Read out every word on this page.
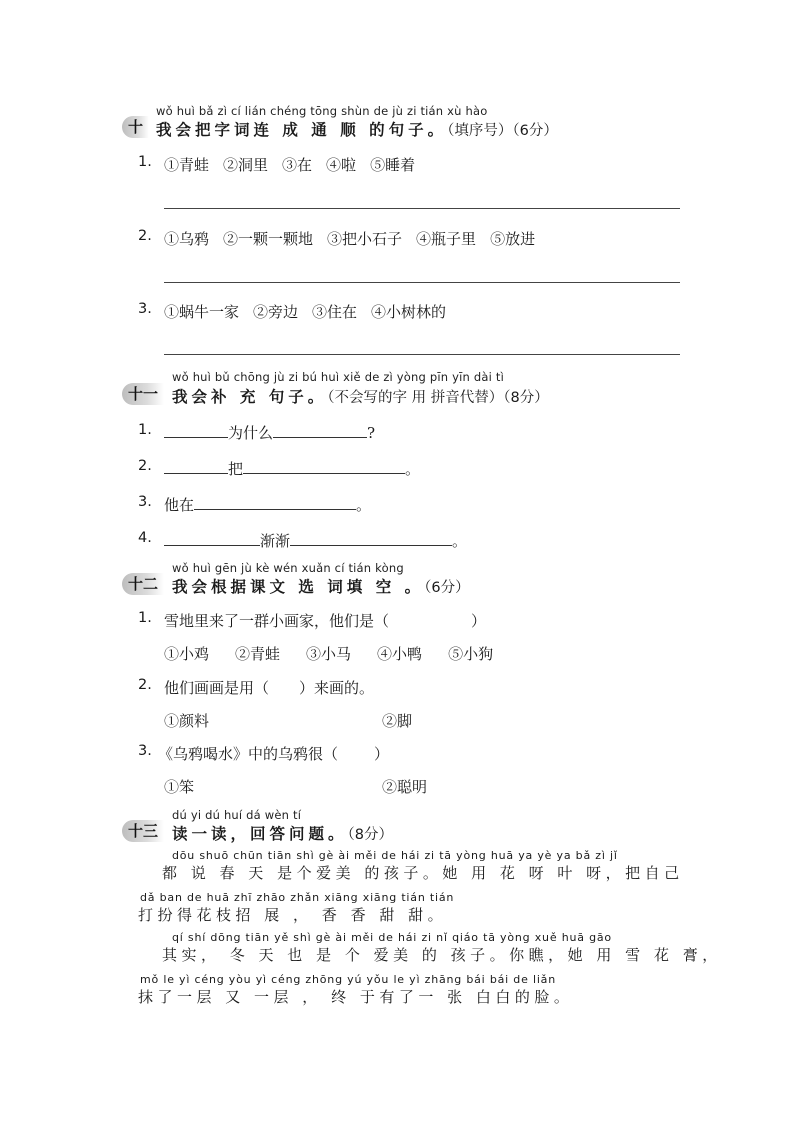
wǒ huì bǎ zì cí lián chéng tōng shùn de jù zi tián xù hào
十 我会把字词连 成 通 顺 的句子。（填序号）（6分）
1. ①青蛙 ②洞里 ③在 ④啦 ⑤睡着
2. ①乌鸦 ②一颗一颗地 ③把小石子 ④瓶子里 ⑤放进
3. ①蜗牛一家 ②旁边 ③住在 ④小树林的
wǒ huì bǔ chōng jù zi bú huì xiě de zì yòng pīn yīn dài tì
十一 我会补 充 句子。（不会写的字 用 拼音代替）（8分）
1.	为什么	?
2.	把	。
3. 他在	。
4.	渐渐	。
wǒ huì gēn jù kè wén xuǎn cí tián kòng
十二 我会根据课文 选 词填 空 。（6分）
1. 雪地里来了一群小画家，他们是（	）
①小鸡 ②青蛙 ③小马 ④小鸭 ⑤小狗
2. 他们画画是用（ ）来画的。
①颜料	②脚
3. 《乌鸦喝水》中的乌鸦很（ ）
①笨	②聪明
dú yi dú huí dá wèn tí
十三 读一读，回答问题。（8分）
dōu shuō chūn tiān shì gè ài měi de hái zi tā yòng huā ya yè ya bǎ zì jǐ
都 说 春 天 是个爱美 的孩子。她 用 花 呀 叶 呀，把自己
dǎ ban de huā zhī zhāo zhǎn xiāng xiāng tián tián
打扮得花枝招 展 ， 香 香 甜 甜。
qí shí dōng tiān yě shì gè ài měi de hái zi nǐ qiáo tā yòng xuě huā gāo
其实， 冬 天 也 是 个 爱美 的 孩子。你瞧，她 用 雪 花 膏，
mǒ le yì céng yòu yì céng zhōng yú yǒu le yì zhāng bái bái de liǎn
抹了一层 又 一层 ， 终 于有了一 张 白白的脸。
